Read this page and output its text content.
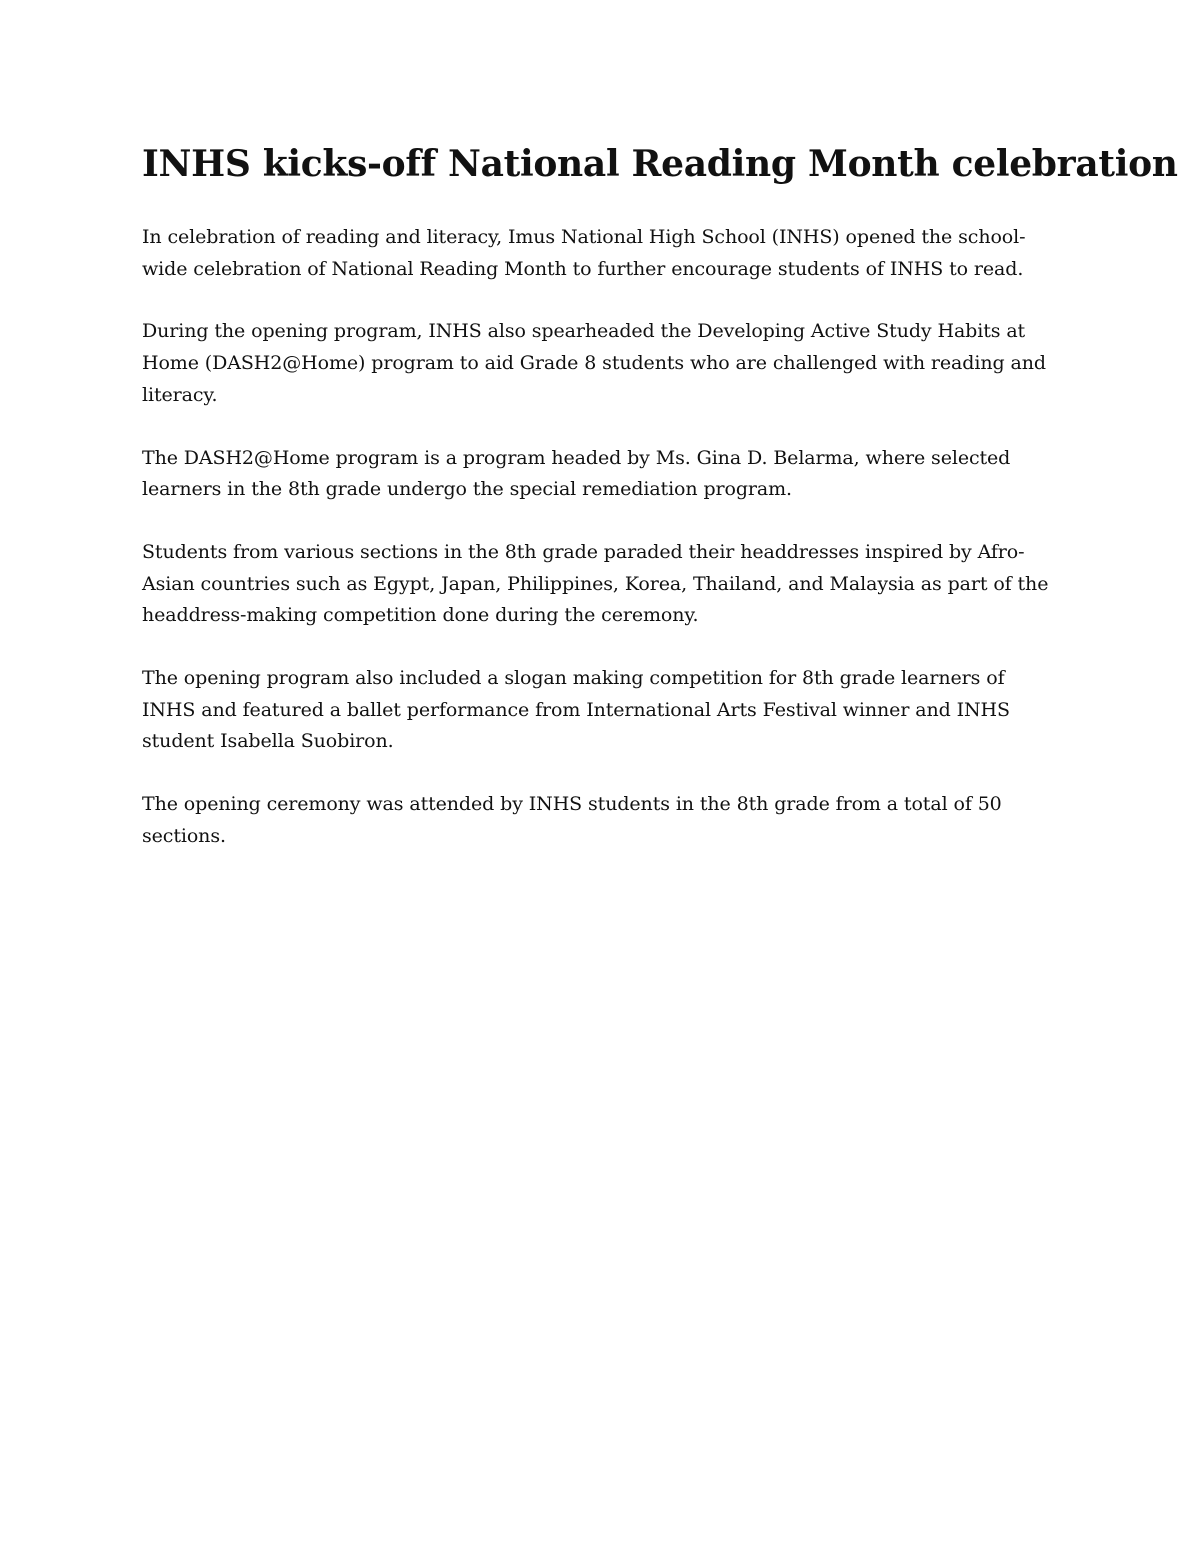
INHS kicks-off National Reading Month celebration

In celebration of reading and literacy, Imus National High School (INHS) opened the school-wide celebration of National Reading Month to further encourage students of INHS to read.

During the opening program, INHS also spearheaded the Developing Active Study Habits at Home (DASH2@Home) program to aid Grade 8 students who are challenged with reading and literacy.

The DASH2@Home program is a program headed by Ms. Gina D. Belarma, where selected learners in the 8th grade undergo the special remediation program.

Students from various sections in the 8th grade paraded their headdresses inspired by Afro-Asian countries such as Egypt, Japan, Philippines, Korea, Thailand, and Malaysia as part of the headdress-making competition done during the ceremony.

The opening program also included a slogan making competition for 8th grade learners of INHS and featured a ballet performance from International Arts Festival winner and INHS student Isabella Suobiron.

The opening ceremony was attended by INHS students in the 8th grade from a total of 50 sections.
